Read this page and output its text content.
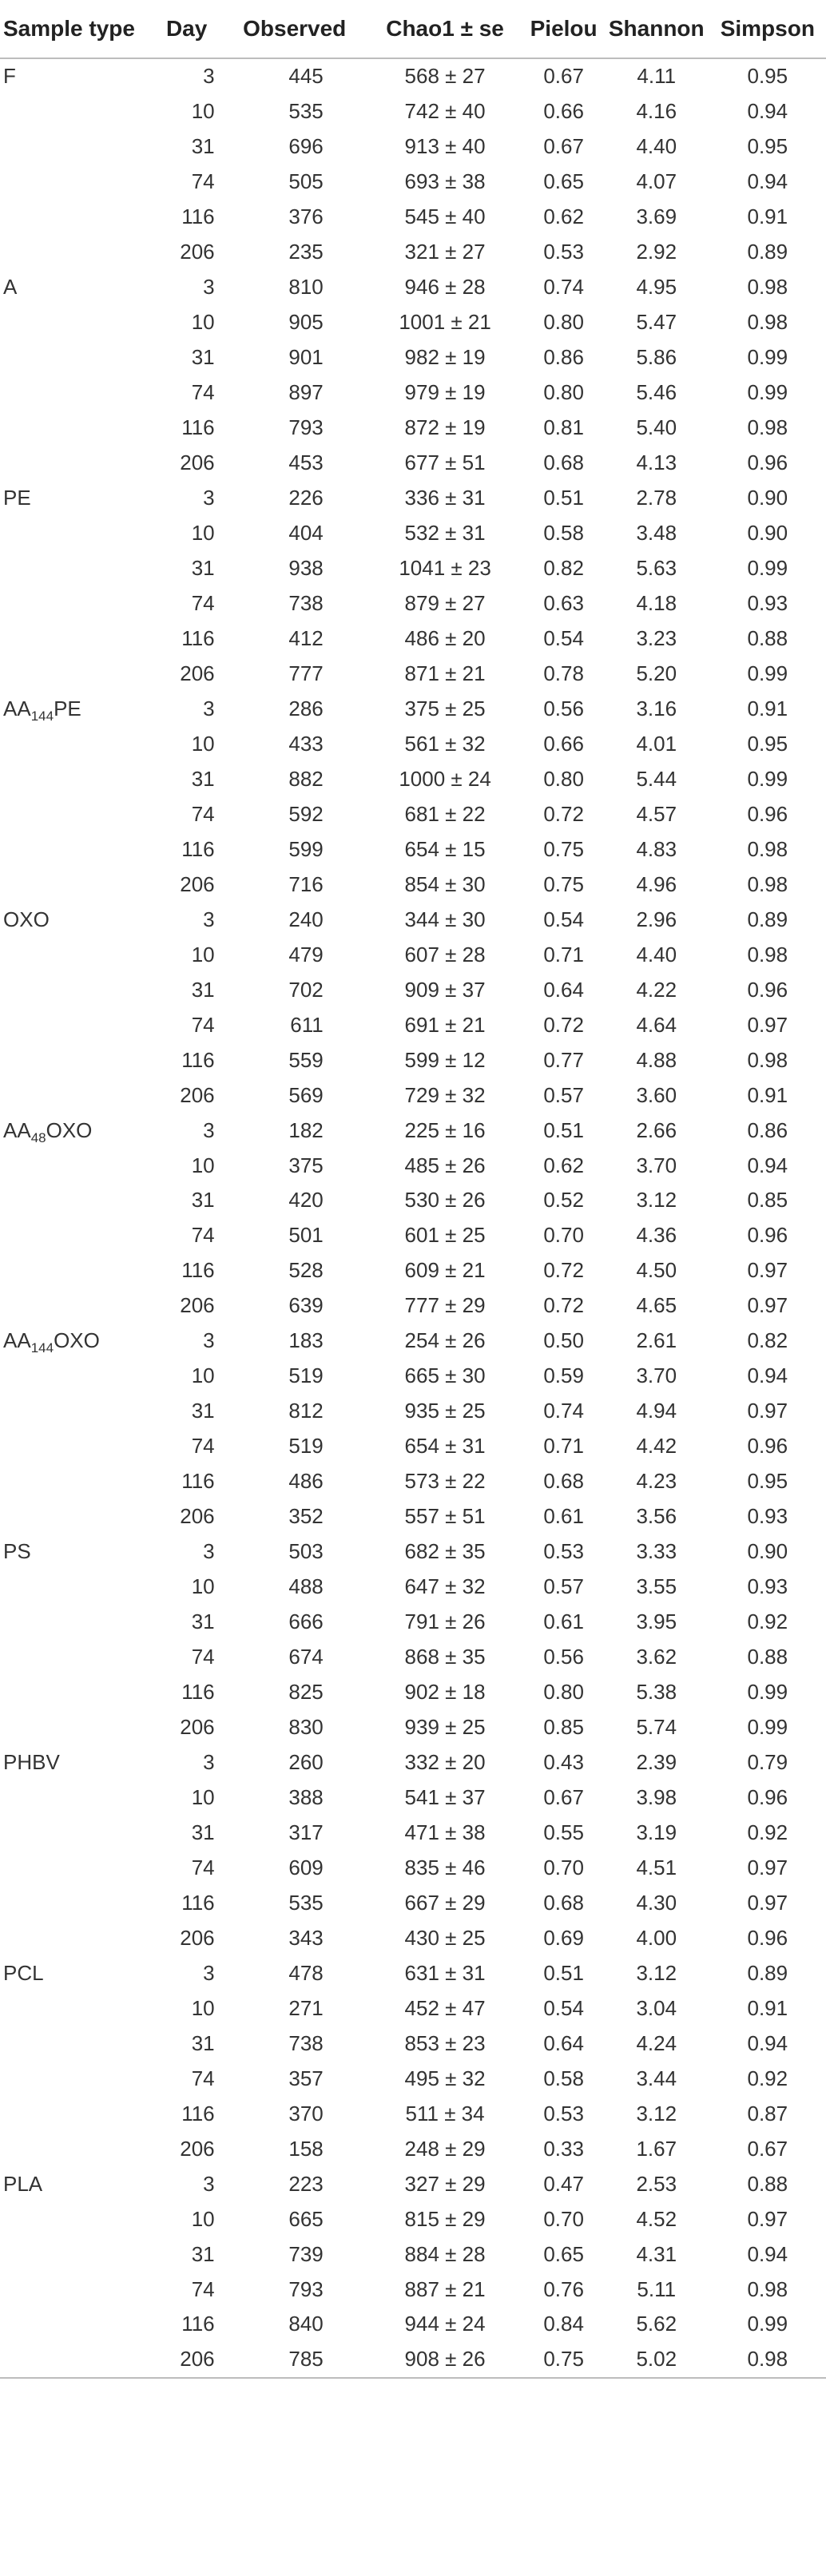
Sample type	Day	Observed	Chao1 ± se	Pielou	Shannon	Simpson
F	3	445	568 ± 27	0.67	4.11	0.95
	10	535	742 ± 40	0.66	4.16	0.94
	31	696	913 ± 40	0.67	4.40	0.95
	74	505	693 ± 38	0.65	4.07	0.94
	116	376	545 ± 40	0.62	3.69	0.91
	206	235	321 ± 27	0.53	2.92	0.89
A	3	810	946 ± 28	0.74	4.95	0.98
	10	905	1001 ± 21	0.80	5.47	0.98
	31	901	982 ± 19	0.86	5.86	0.99
	74	897	979 ± 19	0.80	5.46	0.99
	116	793	872 ± 19	0.81	5.40	0.98
	206	453	677 ± 51	0.68	4.13	0.96
PE	3	226	336 ± 31	0.51	2.78	0.90
	10	404	532 ± 31	0.58	3.48	0.90
	31	938	1041 ± 23	0.82	5.63	0.99
	74	738	879 ± 27	0.63	4.18	0.93
	116	412	486 ± 20	0.54	3.23	0.88
	206	777	871 ± 21	0.78	5.20	0.99
$AA_{144}PE$	3	286	375 ± 25	0.56	3.16	0.91
	10	433	561 ± 32	0.66	4.01	0.95
	31	882	1000 ± 24	0.80	5.44	0.99
	74	592	681 ± 22	0.72	4.57	0.96
	116	599	654 ± 15	0.75	4.83	0.98
	206	716	854 ± 30	0.75	4.96	0.98
OXO	3	240	344 ± 30	0.54	2.96	0.89
	10	479	607 ± 28	0.71	4.40	0.98
	31	702	909 ± 37	0.64	4.22	0.96
	74	611	691 ± 21	0.72	4.64	0.97
	116	559	599 ± 12	0.77	4.88	0.98
	206	569	729 ± 32	0.57	3.60	0.91
$AA_{48}OXO$	3	182	225 ± 16	0.51	2.66	0.86
	10	375	485 ± 26	0.62	3.70	0.94
	31	420	530 ± 26	0.52	3.12	0.85
	74	501	601 ± 25	0.70	4.36	0.96
	116	528	609 ± 21	0.72	4.50	0.97
	206	639	777 ± 29	0.72	4.65	0.97
$AA_{144}OXO$	3	183	254 ± 26	0.50	2.61	0.82
	10	519	665 ± 30	0.59	3.70	0.94
	31	812	935 ± 25	0.74	4.94	0.97
	74	519	654 ± 31	0.71	4.42	0.96
	116	486	573 ± 22	0.68	4.23	0.95
	206	352	557 ± 51	0.61	3.56	0.93
PS	3	503	682 ± 35	0.53	3.33	0.90
	10	488	647 ± 32	0.57	3.55	0.93
	31	666	791 ± 26	0.61	3.95	0.92
	74	674	868 ± 35	0.56	3.62	0.88
	116	825	902 ± 18	0.80	5.38	0.99
	206	830	939 ± 25	0.85	5.74	0.99
PHBV	3	260	332 ± 20	0.43	2.39	0.79
	10	388	541 ± 37	0.67	3.98	0.96
	31	317	471 ± 38	0.55	3.19	0.92
	74	609	835 ± 46	0.70	4.51	0.97
	116	535	667 ± 29	0.68	4.30	0.97
	206	343	430 ± 25	0.69	4.00	0.96
PCL	3	478	631 ± 31	0.51	3.12	0.89
	10	271	452 ± 47	0.54	3.04	0.91
	31	738	853 ± 23	0.64	4.24	0.94
	74	357	495 ± 32	0.58	3.44	0.92
	116	370	511 ± 34	0.53	3.12	0.87
	206	158	248 ± 29	0.33	1.67	0.67
PLA	3	223	327 ± 29	0.47	2.53	0.88
	10	665	815 ± 29	0.70	4.52	0.97
	31	739	884 ± 28	0.65	4.31	0.94
	74	793	887 ± 21	0.76	5.11	0.98
	116	840	944 ± 24	0.84	5.62	0.99
	206	785	908 ± 26	0.75	5.02	0.98
